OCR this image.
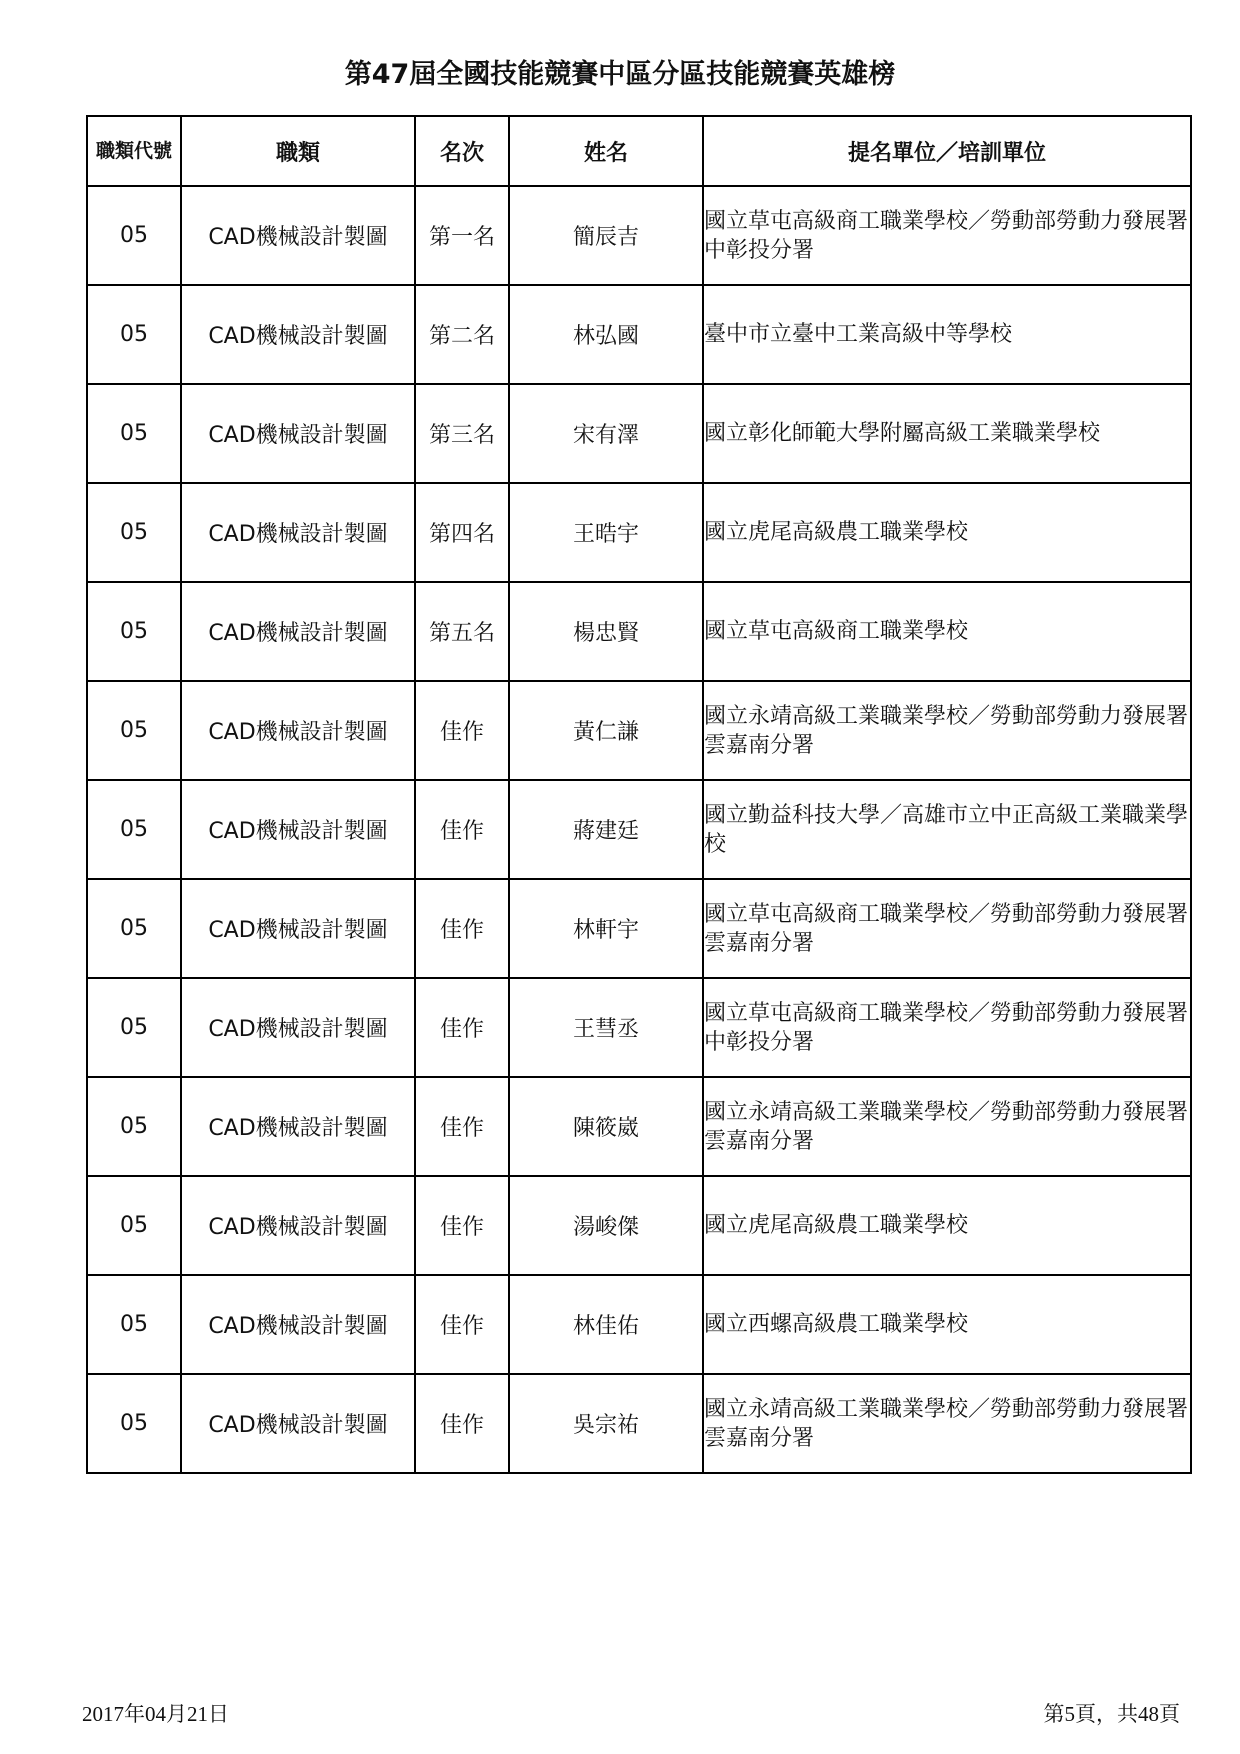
第47屆全國技能競賽中區分區技能競賽英雄榜
職類代號	職類	名次	姓名	提名單位／培訓單位
05	CAD機械設計製圖	第一名	簡辰吉	國立草屯高級商工職業學校／勞動部勞動力發展署中彰投分署
05	CAD機械設計製圖	第二名	林弘國	臺中市立臺中工業高級中等學校
05	CAD機械設計製圖	第三名	宋有澤	國立彰化師範大學附屬高級工業職業學校
05	CAD機械設計製圖	第四名	王晧宇	國立虎尾高級農工職業學校
05	CAD機械設計製圖	第五名	楊忠賢	國立草屯高級商工職業學校
05	CAD機械設計製圖	佳作	黃仁謙	國立永靖高級工業職業學校／勞動部勞動力發展署雲嘉南分署
05	CAD機械設計製圖	佳作	蔣建廷	國立勤益科技大學／高雄市立中正高級工業職業學校
05	CAD機械設計製圖	佳作	林軒宇	國立草屯高級商工職業學校／勞動部勞動力發展署雲嘉南分署
05	CAD機械設計製圖	佳作	王彗丞	國立草屯高級商工職業學校／勞動部勞動力發展署中彰投分署
05	CAD機械設計製圖	佳作	陳筱崴	國立永靖高級工業職業學校／勞動部勞動力發展署雲嘉南分署
05	CAD機械設計製圖	佳作	湯峻傑	國立虎尾高級農工職業學校
05	CAD機械設計製圖	佳作	林佳佑	國立西螺高級農工職業學校
05	CAD機械設計製圖	佳作	吳宗祐	國立永靖高級工業職業學校／勞動部勞動力發展署雲嘉南分署
2017年04月21日	第5頁，共48頁
